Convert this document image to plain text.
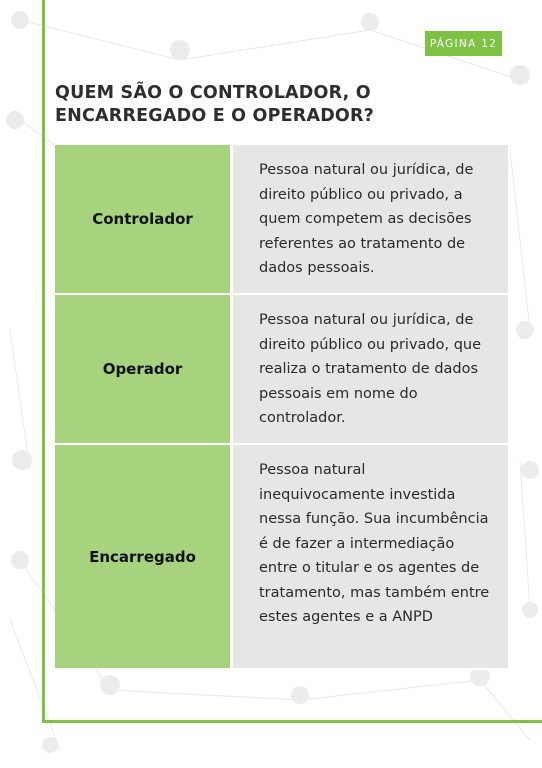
PÁGINA 12
QUEM SÃO O CONTROLADOR, O ENCARREGADO E O OPERADOR?
Controlador
Pessoa natural ou jurídica, de direito público ou privado, a quem competem as decisões referentes ao tratamento de dados pessoais.
Operador
Pessoa natural ou jurídica, de direito público ou privado, que realiza o tratamento de dados pessoais em nome do controlador.
Encarregado
Pessoa natural inequivocamente investida nessa função. Sua incumbência é de fazer a intermediação entre o titular e os agentes de tratamento, mas também entre estes agentes e a ANPD
